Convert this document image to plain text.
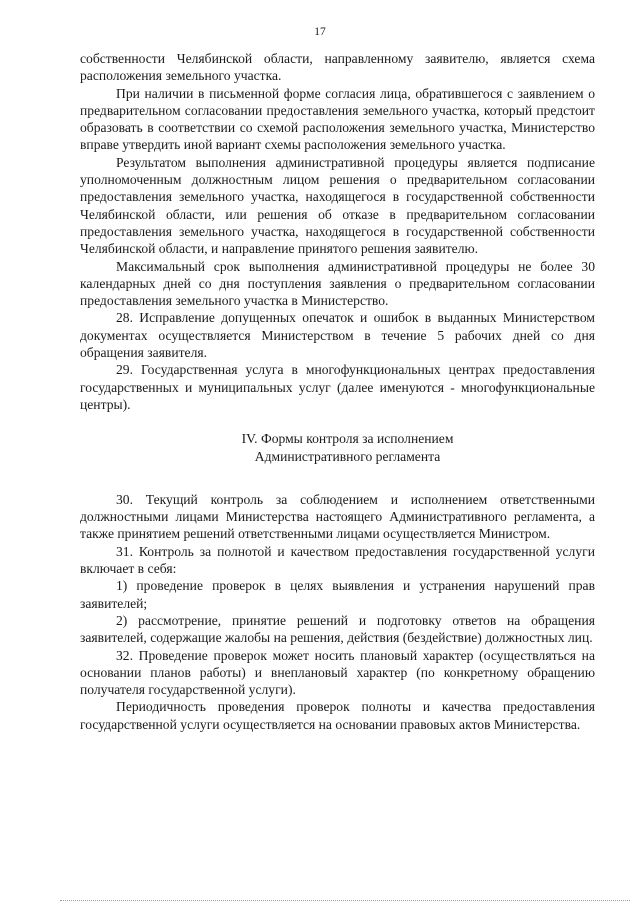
17

собственности Челябинской области, направленному заявителю, является схема расположения земельного участка.

При наличии в письменной форме согласия лица, обратившегося с заявлением о предварительном согласовании предоставления земельного участка, который предстоит образовать в соответствии со схемой расположения земельного участка, Министерство вправе утвердить иной вариант схемы расположения земельного участка.

Результатом выполнения административной процедуры является подписание уполномоченным должностным лицом решения о предварительном согласовании предоставления земельного участка, находящегося в государственной собственности Челябинской области, или решения об отказе в предварительном согласовании предоставления земельного участка, находящегося в государственной собственности Челябинской области, и направление принятого решения заявителю.

Максимальный срок выполнения административной процедуры не более 30 календарных дней со дня поступления заявления о предварительном согласовании предоставления земельного участка в Министерство.

28. Исправление допущенных опечаток и ошибок в выданных Министерством документах осуществляется Министерством в течение 5 рабочих дней со дня обращения заявителя.

29. Государственная услуга в многофункциональных центрах предоставления государственных и муниципальных услуг (далее именуются - многофункциональные центры).

IV. Формы контроля за исполнением
Административного регламента

30. Текущий контроль за соблюдением и исполнением ответственными должностными лицами Министерства настоящего Административного регламента, а также принятием решений ответственными лицами осуществляется Министром.

31. Контроль за полнотой и качеством предоставления государственной услуги включает в себя:

1) проведение проверок в целях выявления и устранения нарушений прав заявителей;

2) рассмотрение, принятие решений и подготовку ответов на обращения заявителей, содержащие жалобы на решения, действия (бездействие) должностных лиц.

32. Проведение проверок может носить плановый характер (осуществляться на основании планов работы) и внеплановый характер (по конкретному обращению получателя государственной услуги).

Периодичность проведения проверок полноты и качества предоставления государственной услуги осуществляется на основании правовых актов Министерства.
